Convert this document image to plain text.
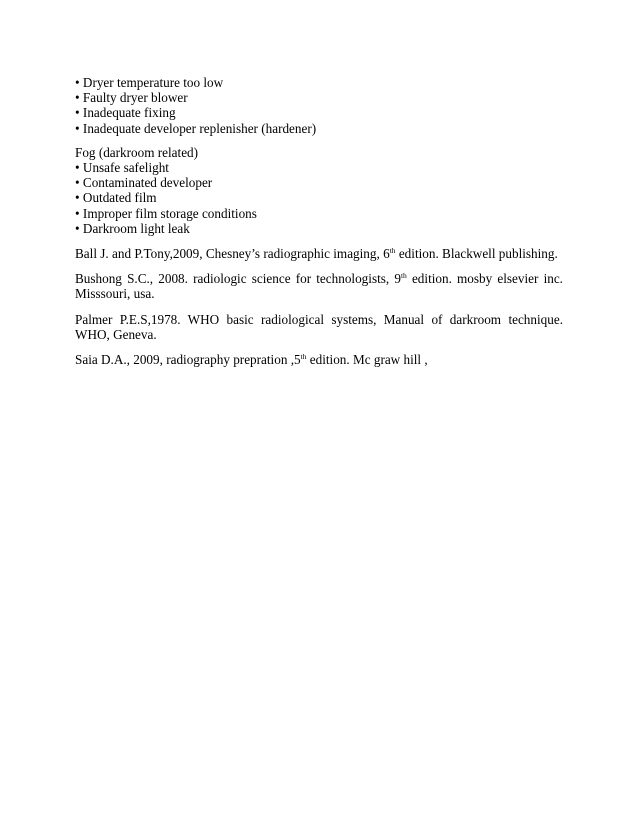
• Dryer temperature too low
• Faulty dryer blower
• Inadequate fixing
• Inadequate developer replenisher (hardener)

Fog (darkroom related)

• Unsafe safelight
• Contaminated developer
• Outdated film
• Improper film storage conditions
• Darkroom light leak

Ball J. and P.Tony,2009, Chesney’s radiographic imaging, 6th edition. Blackwell publishing.

Bushong S.C., 2008. radiologic science for technologists, 9th edition. mosby elsevier inc. Misssouri, usa.

Palmer P.E.S,1978. WHO basic radiological systems, Manual of darkroom technique. WHO, Geneva.

Saia D.A., 2009, radiography prepration ,5th edition. Mc graw hill ,
